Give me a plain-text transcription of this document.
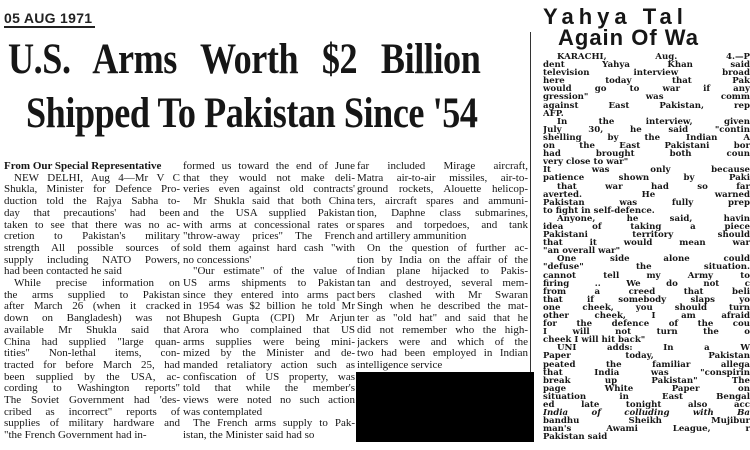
05 AUG 1971
U.S. Arms Worth $2 Billion
Shipped To Pakistan Since '54
From Our Special Representative
NEW DELHI, Aug 4—Mr V C
Shukla, Minister for Defence Pro-
duction told the Rajya Sabha to-
day that precautions' had been
taken to see that there was no ac-
cretion to Pakistan's military
strength All possible sources of
supply including NATO Powers,
had been contacted he said
While precise information on
the arms supplied to Pakistan
after March 26 (when it cracked
down on Bangladesh) was not
available Mr Shukla said that
China had supplied "large quan-
tities" Non-lethal items, con-
tracted for before March 25, had
been supplied by the USA, ac-
cording to Washington reports"
The Soviet Government had 'des-
cribed as incorrect" reports of
supplies of military hardware and
"the French Government had in-
formed us toward the end of June
that they would not make deli-
veries even against old contracts'
Mr Shukla said that both China
and the USA supplied Pakistan
with arms at concessional rates or
"throw-away prices" The French
sold them against hard cash "with
no concessions'
"Our estimate" of the value of
US arms shipments to Pakistan
since they entered into arms pact
in 1954 was $2 billion he told Mr
Bhupesh Gupta (CPI) Mr Arjun
Arora who complained that US
arms supplies were being mini-
mized by the Minister and de-
manded retaliatory action such as
confiscation of US property, was
told that while the member's
views were noted no such action
was contemplated
The French arms supply to Pak-
istan, the Minister said had so
far included Mirage aircraft,
Matra air-to-air missiles, air-to-
ground rockets, Alouette helicop-
ters, aircraft spares and ammuni-
tion, Daphne class submarines,
spares and torpedoes, and tank
and artillery ammunition
On the question of further ac-
tion by India on the affair of the
Indian plane hijacked to Pakis-
tan and destroyed, several mem-
bers clashed with Mr Swaran
Singh when he described the mat-
ter as "old hat" and said that he
did not remember who the high-
jackers were and which of the
two had been employed in Indian
intelligence service
Yahya Tal
Again Of Wa
KARACHI, Aug. 4.—P
dent Yahya Khan said
television interview broad
here today that Pak
would go to war if any
gression" was comm
against East Pakistan, rep
AFP.
In the interview, given
July 30, he said "contin
shelling by the Indian A
on the East Pakistani bor
had brought both coun
very close to war"
It was only because
patience shown by Paki
that war had so far
averted. He warned
Pakistan was fully prep
to fight in self-defence.
Anyone, he said, havin
idea of taking a piece
Pakistani territory should
that it would mean war
"an overall war"
One side alone could
"defuse" the situation.
cannot tell my Army to
firing .. We do not c
from a creed that beli
that if somebody slaps yo
one cheek, you should turn
other cheek, I am afraid
for the defence of the cou
I will not turn the o
cheek I will hit back"
UNI adds: In a W
Paper today, Pakistan
peated the familiar allega
that India was "conspirin
break up Pakistan" The
page White Paper on
situation in East Bengal
ed late tonight also acc
India of colluding with Ba
bandhu Sheikh Mujibur
man's Awami League, r
Pakistan said
